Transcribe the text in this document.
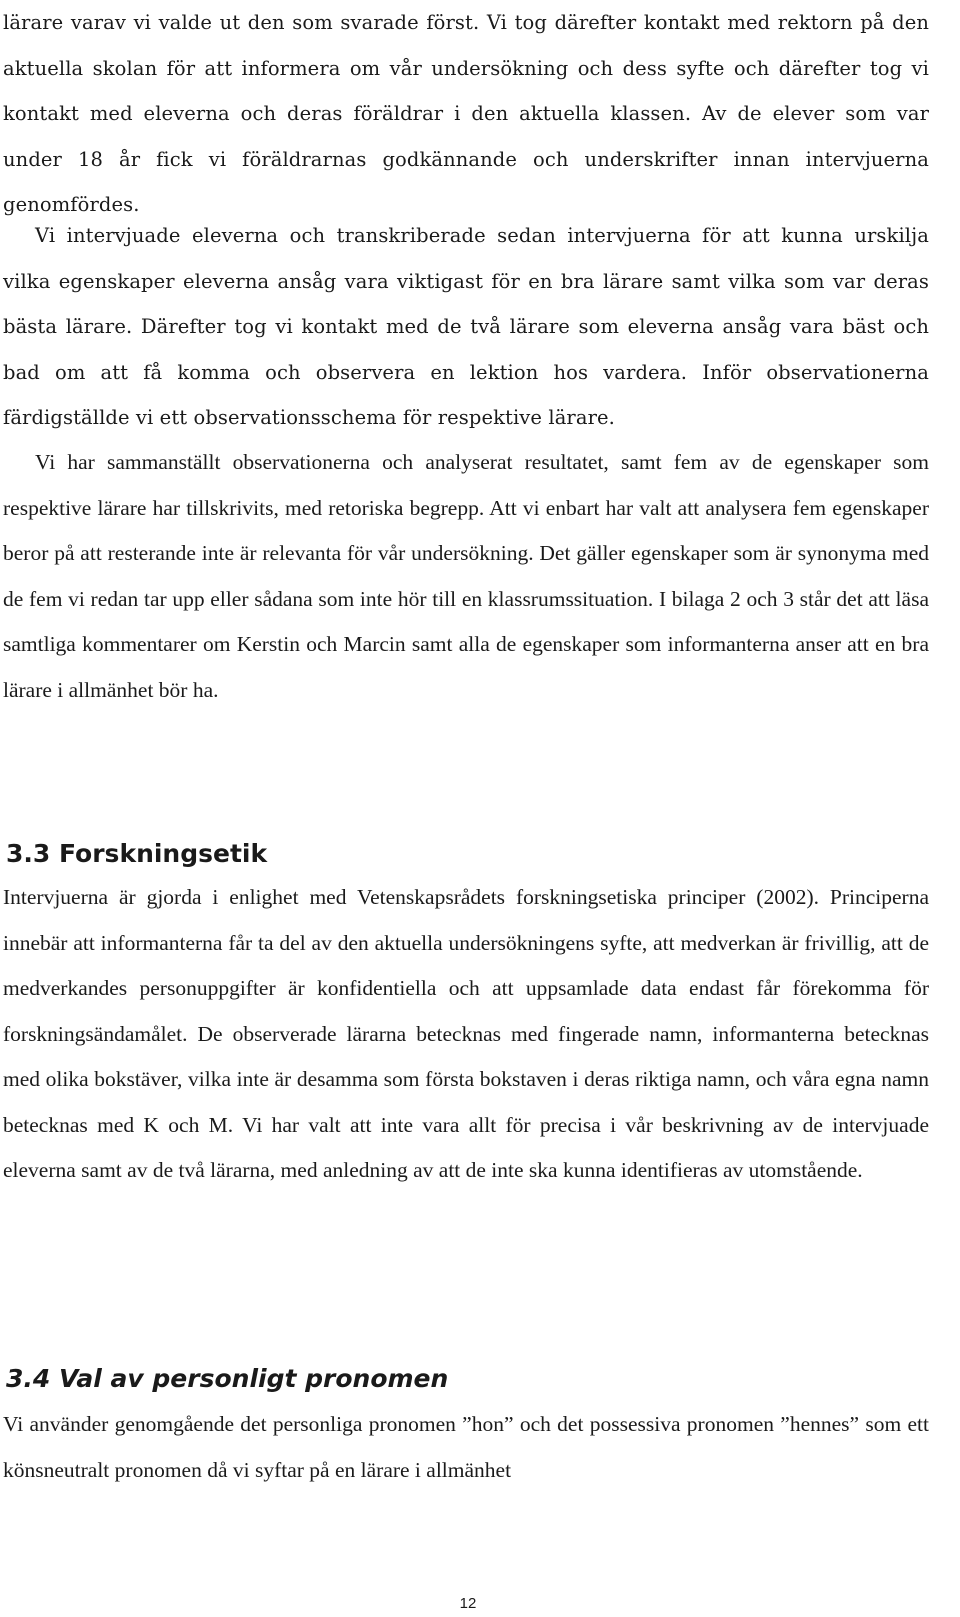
lärare varav vi valde ut den som svarade först. Vi tog därefter kontakt med rektorn på den aktuella skolan för att informera om vår undersökning och dess syfte och därefter tog vi kontakt med eleverna och deras föräldrar i den aktuella klassen. Av de elever som var under 18 år fick vi föräldrarnas godkännande och underskrifter innan intervjuerna genomfördes.

Vi intervjuade eleverna och transkriberade sedan intervjuerna för att kunna urskilja vilka egenskaper eleverna ansåg vara viktigast för en bra lärare samt vilka som var deras bästa lärare. Därefter tog vi kontakt med de två lärare som eleverna ansåg vara bäst och bad om att få komma och observera en lektion hos vardera. Inför observationerna färdigställde vi ett observationsschema för respektive lärare.

Vi har sammanställt observationerna och analyserat resultatet, samt fem av de egenskaper som respektive lärare har tillskrivits, med retoriska begrepp. Att vi enbart har valt att analysera fem egenskaper beror på att resterande inte är relevanta för vår undersökning. Det gäller egenskaper som är synonyma med de fem vi redan tar upp eller sådana som inte hör till en klassrumssituation. I bilaga 2 och 3 står det att läsa samtliga kommentarer om Kerstin och Marcin samt alla de egenskaper som informanterna anser att en bra lärare i allmänhet bör ha.

3.3 Forskningsetik

Intervjuerna är gjorda i enlighet med Vetenskapsrådets forskningsetiska principer (2002). Principerna innebär att informanterna får ta del av den aktuella undersökningens syfte, att medverkan är frivillig, att de medverkandes personuppgifter är konfidentiella och att uppsamlade data endast får förekomma för forskningsändamålet. De observerade lärarna betecknas med fingerade namn, informanterna betecknas med olika bokstäver, vilka inte är desamma som första bokstaven i deras riktiga namn, och våra egna namn betecknas med K och M. Vi har valt att inte vara allt för precisa i vår beskrivning av de intervjuade eleverna samt av de två lärarna, med anledning av att de inte ska kunna identifieras av utomstående.

3.4 Val av personligt pronomen

Vi använder genomgående det personliga pronomen ”hon” och det possessiva pronomen ”hennes” som ett könsneutralt pronomen då vi syftar på en lärare i allmänhet

12
